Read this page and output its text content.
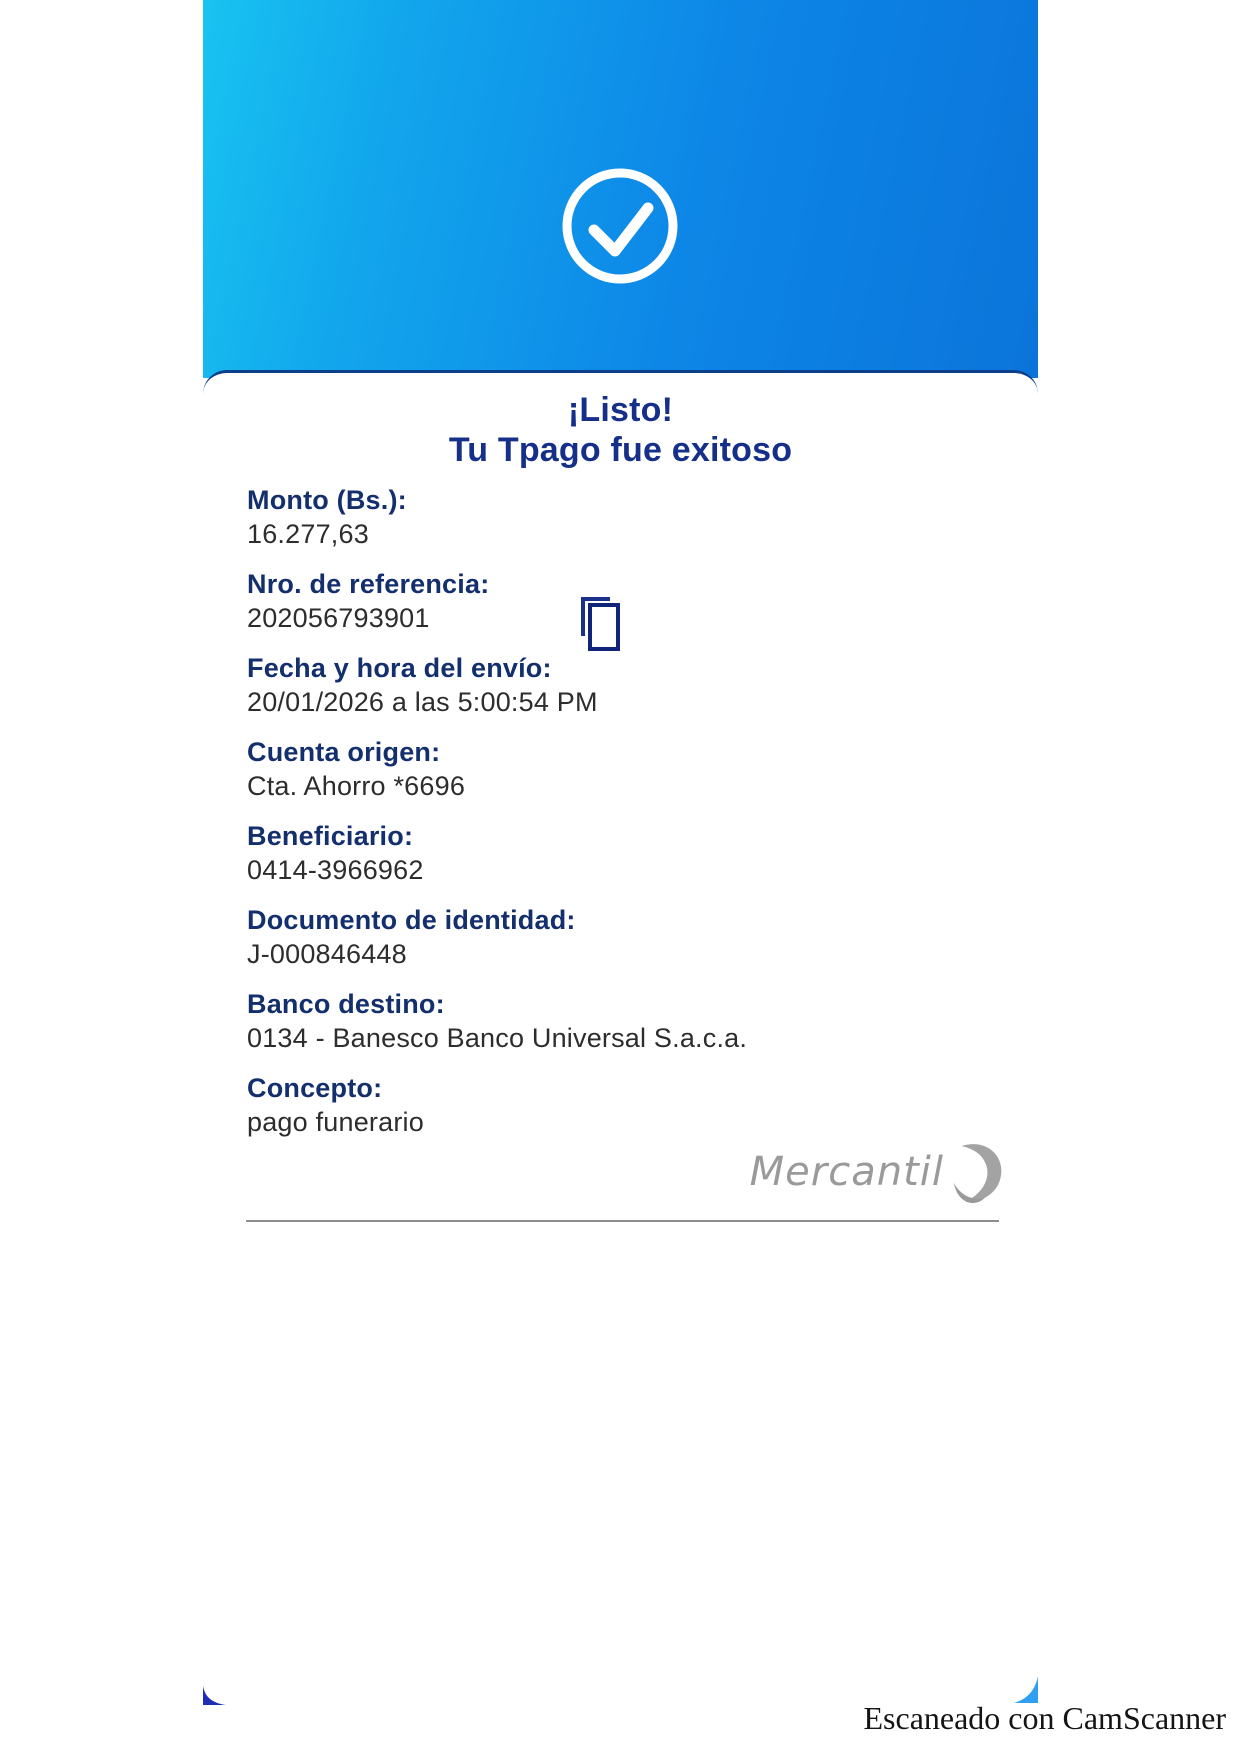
¡Listo!
Tu Tpago fue exitoso
Monto (Bs.):
16.277,63
Nro. de referencia:
202056793901
Fecha y hora del envío:
20/01/2026 a las 5:00:54 PM
Cuenta origen:
Cta. Ahorro *6696
Beneficiario:
0414-3966962
Documento de identidad:
J-000846448
Banco destino:
0134 - Banesco Banco Universal S.a.c.a.
Concepto:
pago funerario
Mercantil
Escaneado con CamScanner
